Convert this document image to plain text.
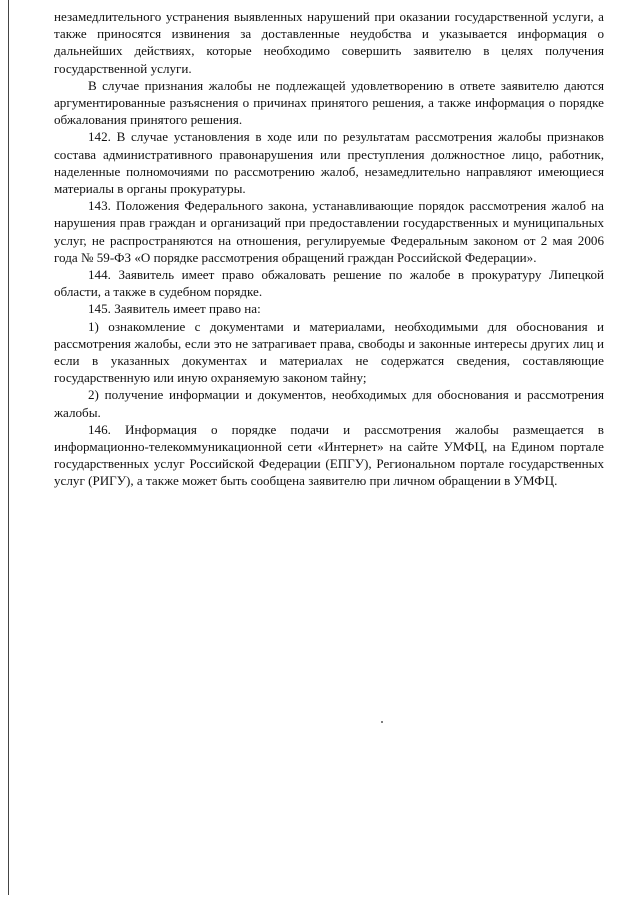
незамедлительного устранения выявленных нарушений при оказании государственной услуги, а также приносятся извинения за доставленные неудобства и указывается информация о дальнейших действиях, которые необходимо совершить заявителю в целях получения государственной услуги.

В случае признания жалобы не подлежащей удовлетворению в ответе заявителю даются аргументированные разъяснения о причинах принятого решения, а также информация о порядке обжалования принятого решения.

142. В случае установления в ходе или по результатам рассмотрения жалобы признаков состава административного правонарушения или преступления должностное лицо, работник, наделенные полномочиями по рассмотрению жалоб, незамедлительно направляют имеющиеся материалы в органы прокуратуры.

143. Положения Федерального закона, устанавливающие порядок рассмотрения жалоб на нарушения прав граждан и организаций при предоставлении государственных и муниципальных услуг, не распространяются на отношения, регулируемые Федеральным законом от 2 мая 2006 года № 59-ФЗ «О порядке рассмотрения обращений граждан Российской Федерации».

144. Заявитель имеет право обжаловать решение по жалобе в прокуратуру Липецкой области, а также в судебном порядке.

145. Заявитель имеет право на:

1) ознакомление с документами и материалами, необходимыми для обоснования и рассмотрения жалобы, если это не затрагивает права, свободы и законные интересы других лиц и если в указанных документах и материалах не содержатся сведения, составляющие государственную или иную охраняемую законом тайну;

2) получение информации и документов, необходимых для обоснования и рассмотрения жалобы.

146. Информация о порядке подачи и рассмотрения жалобы размещается в информационно-телекоммуникационной сети «Интернет» на сайте УМФЦ, на Едином портале государственных услуг Российской Федерации (ЕПГУ), Региональном портале государственных услуг (РИГУ), а также может быть сообщена заявителю при личном обращении в УМФЦ.
